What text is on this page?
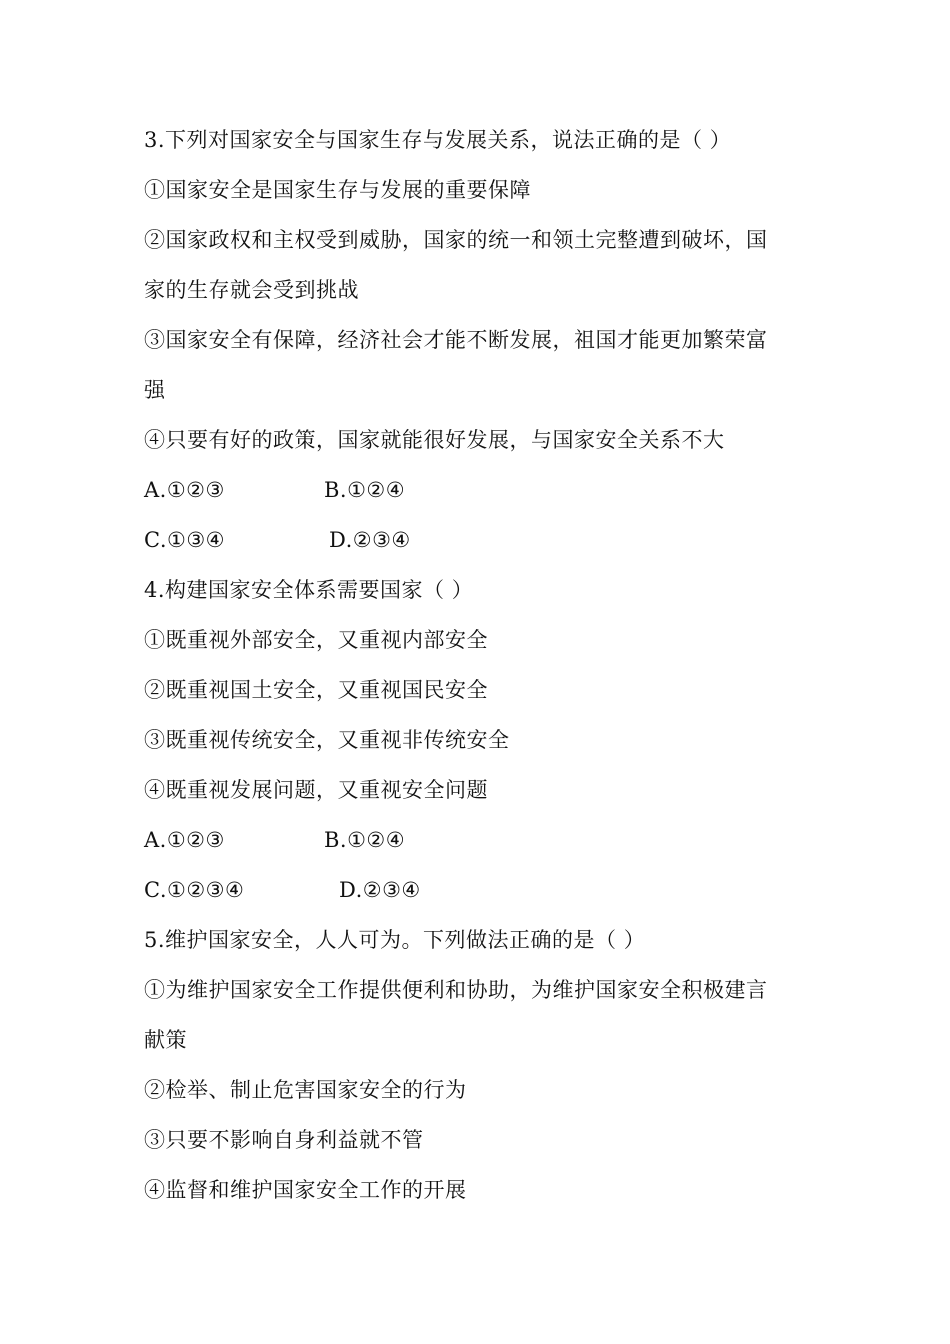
3.下列对国家安全与国家生存与发展关系，说法正确的是（ ）
①国家安全是国家生存与发展的重要保障
②国家政权和主权受到威胁，国家的统一和领土完整遭到破坏，国
家的生存就会受到挑战
③国家安全有保障，经济社会才能不断发展，祖国才能更加繁荣富
强
④只要有好的政策，国家就能很好发展，与国家安全关系不大
A.①②③	B.①②④
C.①③④	D.②③④
4.构建国家安全体系需要国家（ ）
①既重视外部安全，又重视内部安全
②既重视国土安全，又重视国民安全
③既重视传统安全，又重视非传统安全
④既重视发展问题，又重视安全问题
A.①②③	B.①②④
C.①②③④	D.②③④
5.维护国家安全，人人可为。下列做法正确的是（ ）
①为维护国家安全工作提供便利和协助，为维护国家安全积极建言
献策
②检举、制止危害国家安全的行为
③只要不影响自身利益就不管
④监督和维护国家安全工作的开展
